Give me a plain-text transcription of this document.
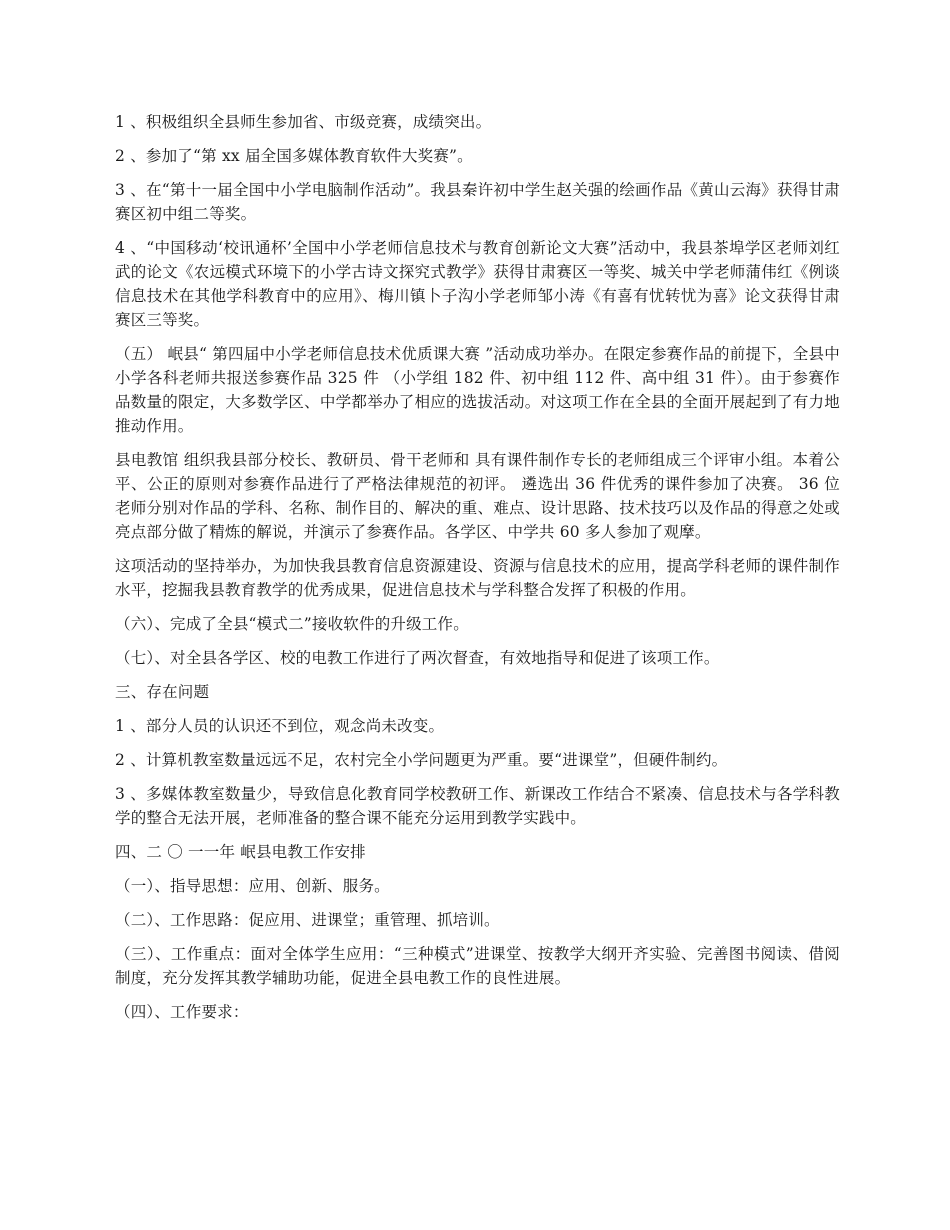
1 、积极组织全县师生参加省、市级竞赛，成绩突出。

2 、参加了“第 xx 届全国多媒体教育软件大奖赛”。

3 、在“第十一届全国中小学电脑制作活动”。我县秦许初中学生赵关强的绘画作品《黄山云海》获得甘肃赛区初中组二等奖。

4 、“中国移动‘校讯通杯’全国中小学老师信息技术与教育创新论文大赛”活动中，我县茶埠学区老师刘红武的论文《农远模式环境下的小学古诗文探究式教学》获得甘肃赛区一等奖、城关中学老师蒲伟红《例谈信息技术在其他学科教育中的应用》、梅川镇卜子沟小学老师邹小涛《有喜有忧转忧为喜》论文获得甘肃赛区三等奖。

（五） 岷县“ 第四届中小学老师信息技术优质课大赛 ”活动成功举办。在限定参赛作品的前提下，全县中小学各科老师共报送参赛作品 325 件 （小学组 182 件、初中组 112 件、高中组 31 件）。由于参赛作品数量的限定，大多数学区、中学都举办了相应的选拔活动。对这项工作在全县的全面开展起到了有力地推动作用。

县电教馆 组织我县部分校长、教研员、骨干老师和 具有课件制作专长的老师组成三个评审小组。本着公平、公正的原则对参赛作品进行了严格法律规范的初评。 遴选出 36 件优秀的课件参加了决赛。 36 位老师分别对作品的学科、名称、制作目的、解决的重、难点、设计思路、技术技巧以及作品的得意之处或亮点部分做了精炼的解说，并演示了参赛作品。各学区、中学共 60 多人参加了观摩。

这项活动的坚持举办，为加快我县教育信息资源建设、资源与信息技术的应用，提高学科老师的课件制作水平，挖掘我县教育教学的优秀成果，促进信息技术与学科整合发挥了积极的作用。

（六）、完成了全县“模式二”接收软件的升级工作。

（七）、对全县各学区、校的电教工作进行了两次督查，有效地指导和促进了该项工作。

三、存在问题

1 、部分人员的认识还不到位，观念尚未改变。

2 、计算机教室数量远远不足，农村完全小学问题更为严重。要“进课堂”，但硬件制约。

3 、多媒体教室数量少，导致信息化教育同学校教研工作、新课改工作结合不紧凑、信息技术与各学科教学的整合无法开展，老师准备的整合课不能充分运用到教学实践中。

四、二 〇 一一年 岷县电教工作安排

（一）、指导思想：应用、创新、服务。

（二）、工作思路：促应用、进课堂；重管理、抓培训。

（三）、工作重点：面对全体学生应用：“三种模式”进课堂、按教学大纲开齐实验、完善图书阅读、借阅制度，充分发挥其教学辅助功能，促进全县电教工作的良性进展。

（四）、工作要求：
